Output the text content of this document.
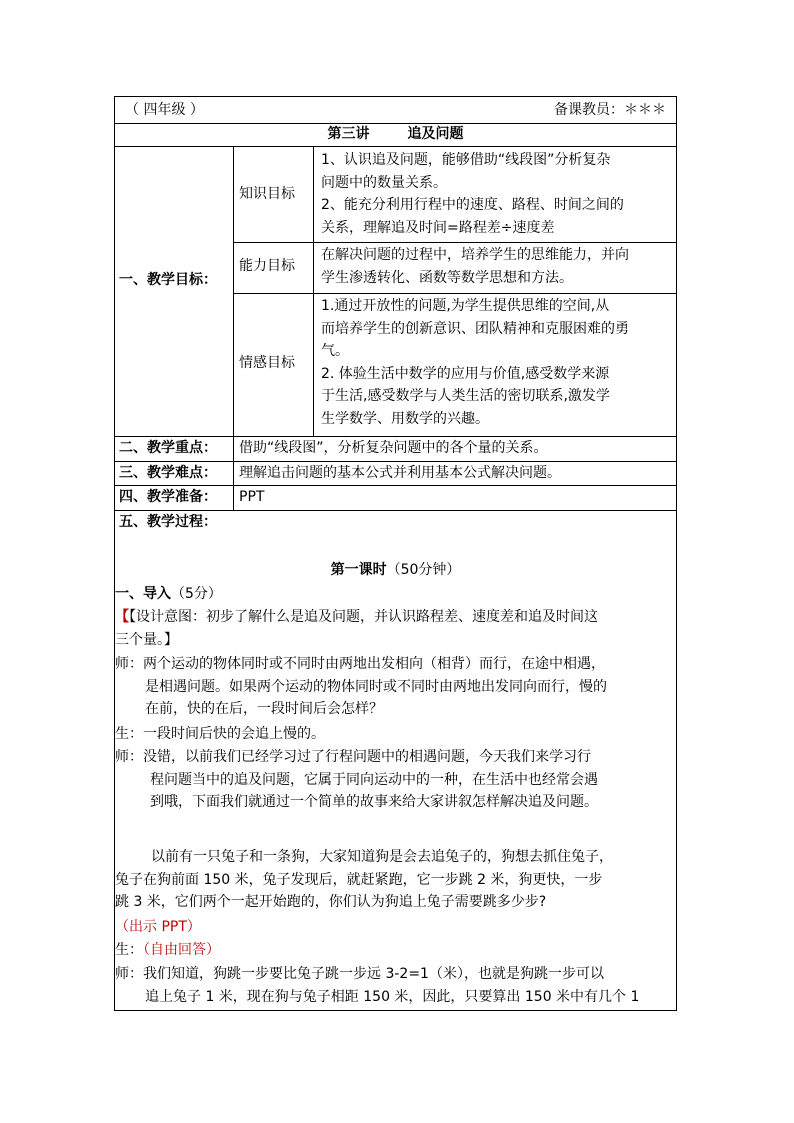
（ 四年级 ）	备课教员：＊＊＊
第三讲	追及问题
一、教学目标：
知识目标
1、认识追及问题，能够借助“线段图”分析复杂
问题中的数量关系。
2、能充分利用行程中的速度、路程、时间之间的
关系，理解追及时间=路程差÷速度差
能力目标
在解决问题的过程中，培养学生的思维能力，并向
学生渗透转化、函数等数学思想和方法。
情感目标
1.通过开放性的问题,为学生提供思维的空间,从
而培养学生的创新意识、团队精神和克服困难的勇
气。
2. 体验生活中数学的应用与价值,感受数学来源
于生活,感受数学与人类生活的密切联系,激发学
生学数学、用数学的兴趣。
二、教学重点： 借助“线段图”，分析复杂问题中的各个量的关系。
三、教学难点： 理解追击问题的基本公式并利用基本公式解决问题。
四、教学准备： PPT
五、教学过程：
第一课时（50分钟）
一、导入（5分）
【【设计意图：初步了解什么是追及问题，并认识路程差、速度差和追及时间这
三个量。】
师：两个运动的物体同时或不同时由两地出发相向（相背）而行，在途中相遇，
是相遇问题。如果两个运动的物体同时或不同时由两地出发同向而行，慢的
在前，快的在后，一段时间后会怎样？
生：一段时间后快的会追上慢的。
师：没错，以前我们已经学习过了行程问题中的相遇问题，今天我们来学习行
程问题当中的追及问题，它属于同向运动中的一种，在生活中也经常会遇
到哦，下面我们就通过一个简单的故事来给大家讲叙怎样解决追及问题。
以前有一只兔子和一条狗，大家知道狗是会去追兔子的，狗想去抓住兔子，
兔子在狗前面 150 米，兔子发现后，就赶紧跑，它一步跳 2 米，狗更快，一步
跳 3 米，它们两个一起开始跑的，你们认为狗追上兔子需要跳多少步?
（出示 PPT）
生：（自由回答）
师：我们知道，狗跳一步要比兔子跳一步远 3-2=1（米），也就是狗跳一步可以
追上兔子 1 米，现在狗与兔子相距 150 米，因此，只要算出 150 米中有几个 1
